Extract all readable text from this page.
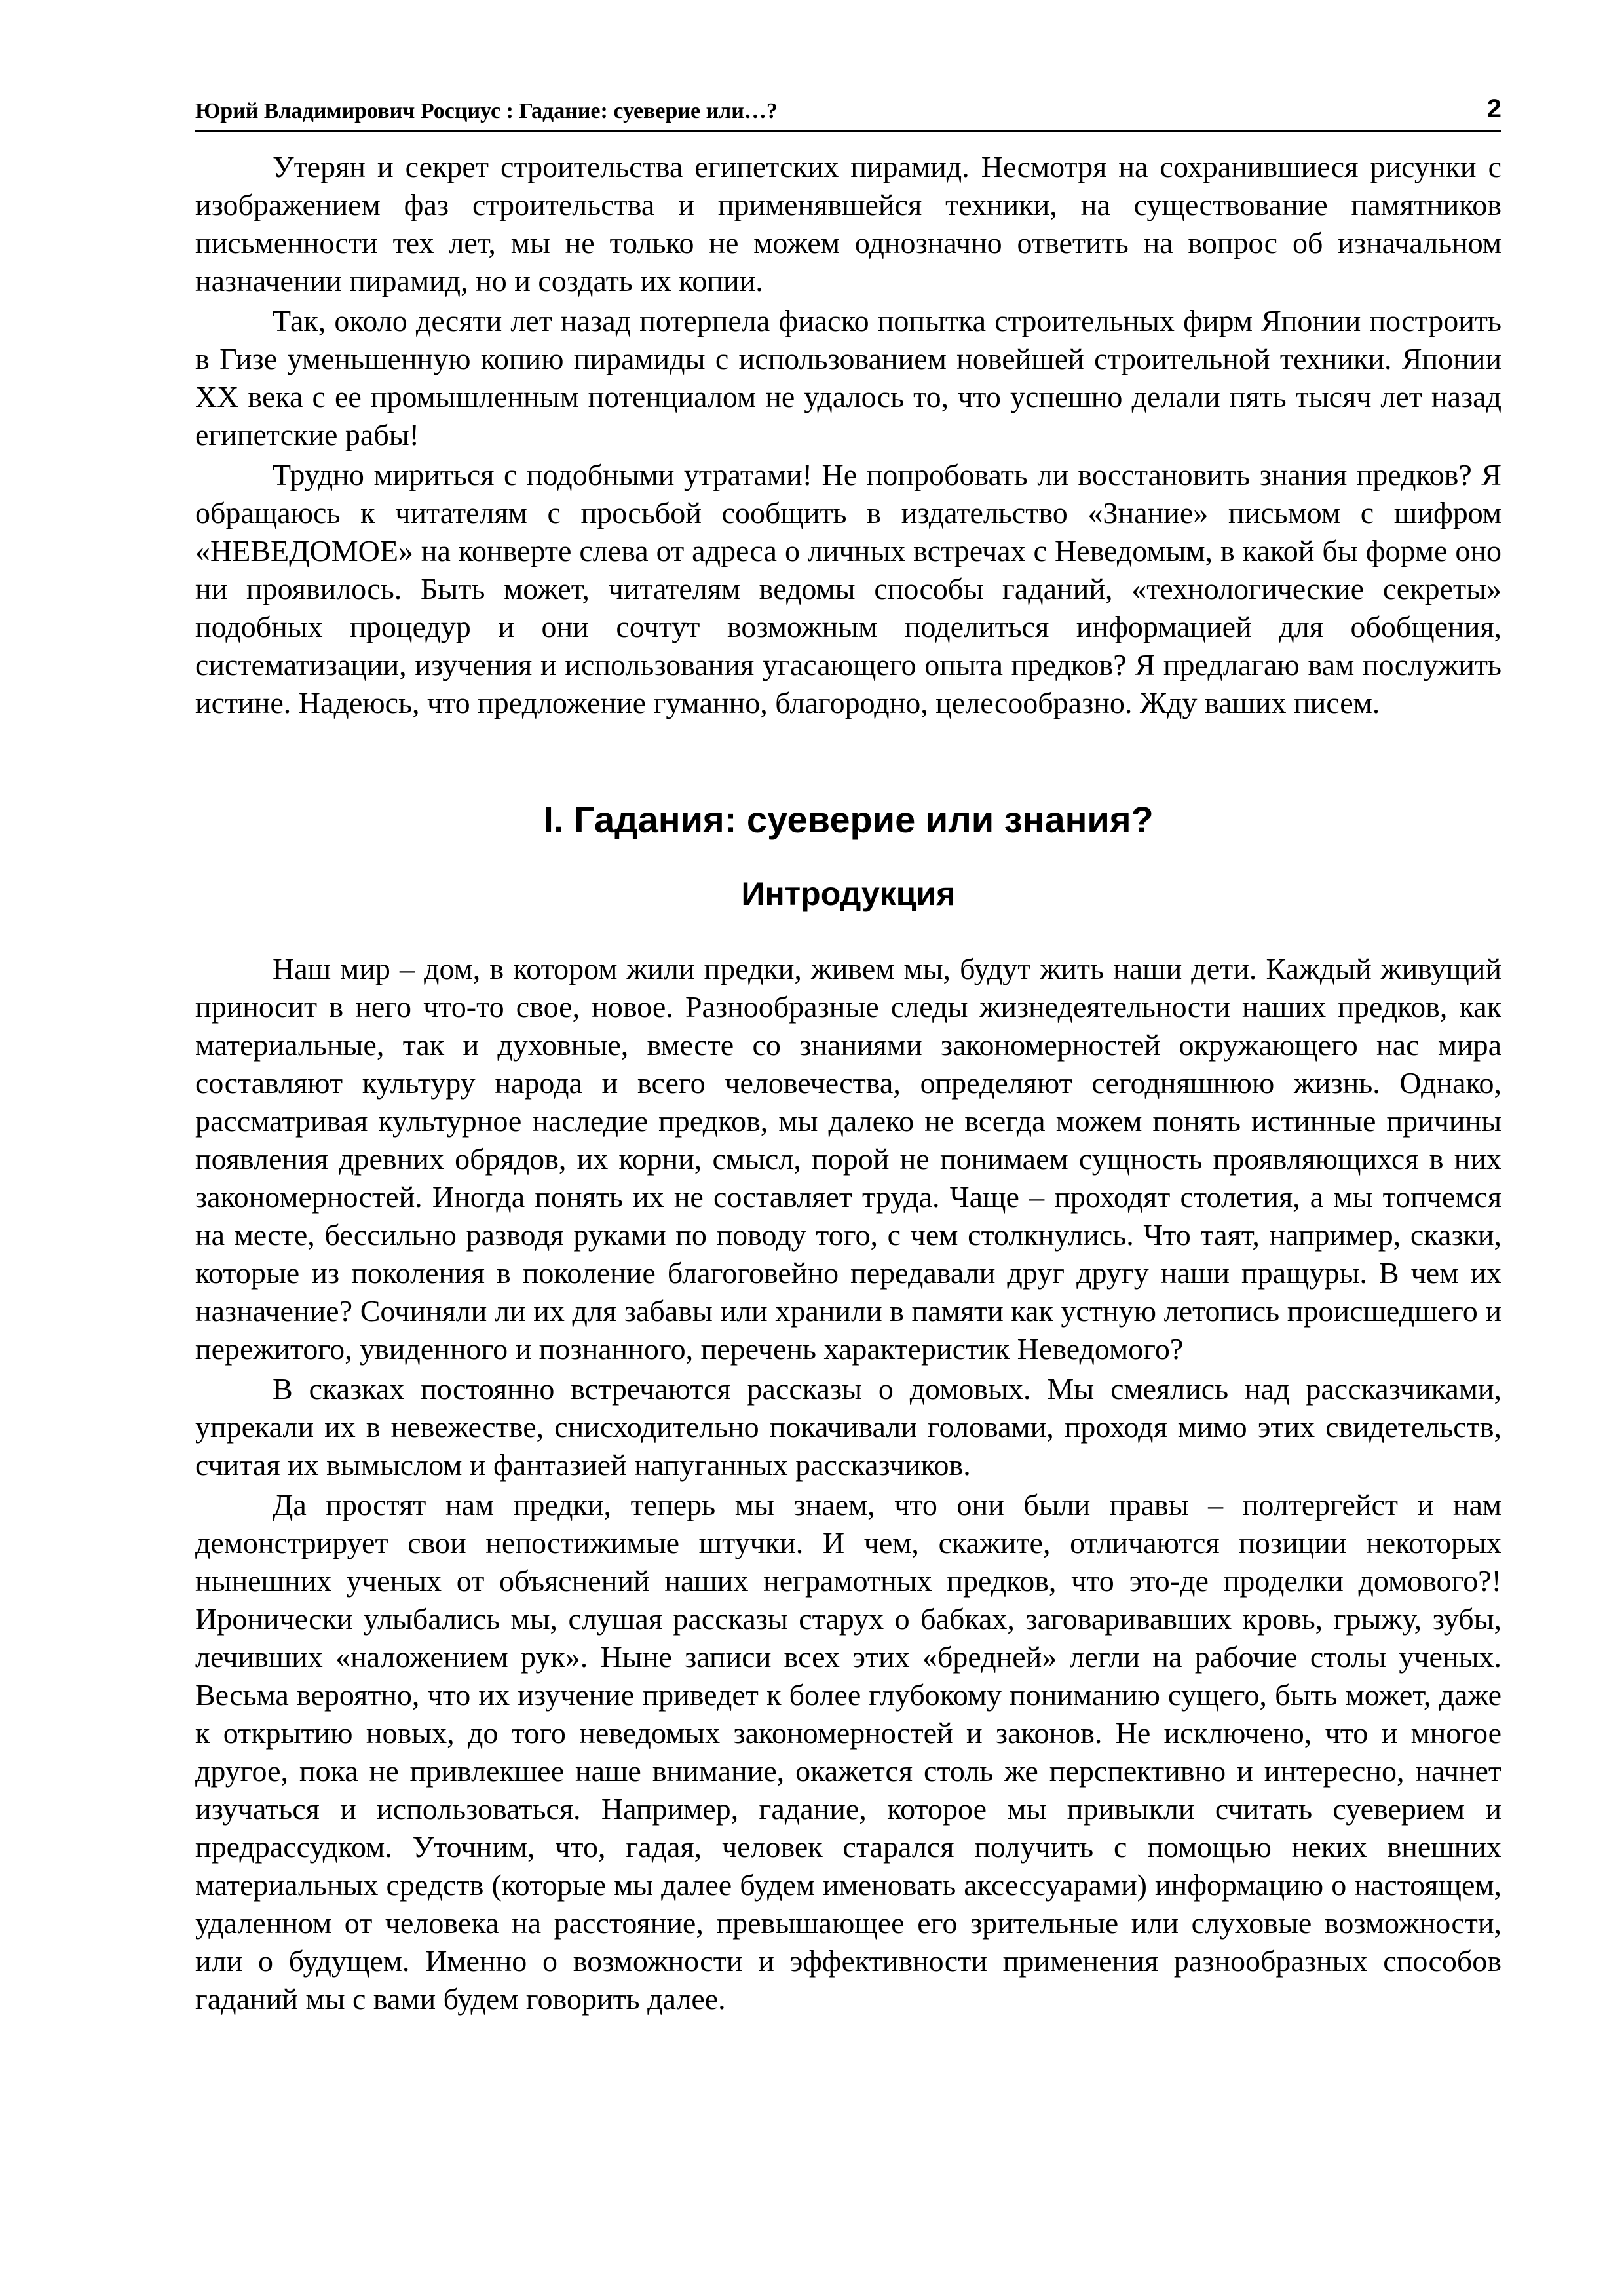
Юрий Владимирович Росциус : Гадание: суеверие или…?	2

Утерян и секрет строительства египетских пирамид. Несмотря на сохранившиеся рисунки с изображением фаз строительства и применявшейся техники, на существование памятников письменности тех лет, мы не только не можем однозначно ответить на вопрос об изначальном назначении пирамид, но и создать их копии.

Так, около десяти лет назад потерпела фиаско попытка строительных фирм Японии построить в Гизе уменьшенную копию пирамиды с использованием новейшей строительной техники. Японии XX века с ее промышленным потенциалом не удалось то, что успешно делали пять тысяч лет назад египетские рабы!

Трудно мириться с подобными утратами! Не попробовать ли восстановить знания предков? Я обращаюсь к читателям с просьбой сообщить в издательство «Знание» письмом с шифром «НЕВЕДОМОЕ» на конверте слева от адреса о личных встречах с Неведомым, в какой бы форме оно ни проявилось. Быть может, читателям ведомы способы гаданий, «технологические секреты» подобных процедур и они сочтут возможным поделиться информацией для обобщения, систематизации, изучения и использования угасающего опыта предков? Я предлагаю вам послужить истине. Надеюсь, что предложение гуманно, благородно, целесообразно. Жду ваших писем.

I. Гадания: суеверие или знания?
Интродукция

Наш мир – дом, в котором жили предки, живем мы, будут жить наши дети. Каждый живущий приносит в него что-то свое, новое. Разнообразные следы жизнедеятельности наших предков, как материальные, так и духовные, вместе со знаниями закономерностей окружающего нас мира составляют культуру народа и всего человечества, определяют сегодняшнюю жизнь. Однако, рассматривая культурное наследие предков, мы далеко не всегда можем понять истинные причины появления древних обрядов, их корни, смысл, порой не понимаем сущность проявляющихся в них закономерностей. Иногда понять их не составляет труда. Чаще – проходят столетия, а мы топчемся на месте, бессильно разводя руками по поводу того, с чем столкнулись. Что таят, например, сказки, которые из поколения в поколение благоговейно передавали друг другу наши пращуры. В чем их назначение? Сочиняли ли их для забавы или хранили в памяти как устную летопись происшедшего и пережитого, увиденного и познанного, перечень характеристик Неведомого?

В сказках постоянно встречаются рассказы о домовых. Мы смеялись над рассказчиками, упрекали их в невежестве, снисходительно покачивали головами, проходя мимо этих свидетельств, считая их вымыслом и фантазией напуганных рассказчиков.

Да простят нам предки, теперь мы знаем, что они были правы – полтергейст и нам демонстрирует свои непостижимые штучки. И чем, скажите, отличаются позиции некоторых нынешних ученых от объяснений наших неграмотных предков, что это-де проделки домового?! Иронически улыбались мы, слушая рассказы старух о бабках, заговаривавших кровь, грыжу, зубы, лечивших «наложением рук». Ныне записи всех этих «бредней» легли на рабочие столы ученых. Весьма вероятно, что их изучение приведет к более глубокому пониманию сущего, быть может, даже к открытию новых, до того неведомых закономерностей и законов. Не исключено, что и многое другое, пока не привлекшее наше внимание, окажется столь же перспективно и интересно, начнет изучаться и использоваться. Например, гадание, которое мы привыкли считать суеверием и предрассудком. Уточним, что, гадая, человек старался получить с помощью неких внешних материальных средств (которые мы далее будем именовать аксессуарами) информацию о настоящем, удаленном от человека на расстояние, превышающее его зрительные или слуховые возможности, или о будущем. Именно о возможности и эффективности применения разнообразных способов гаданий мы с вами будем говорить далее.
